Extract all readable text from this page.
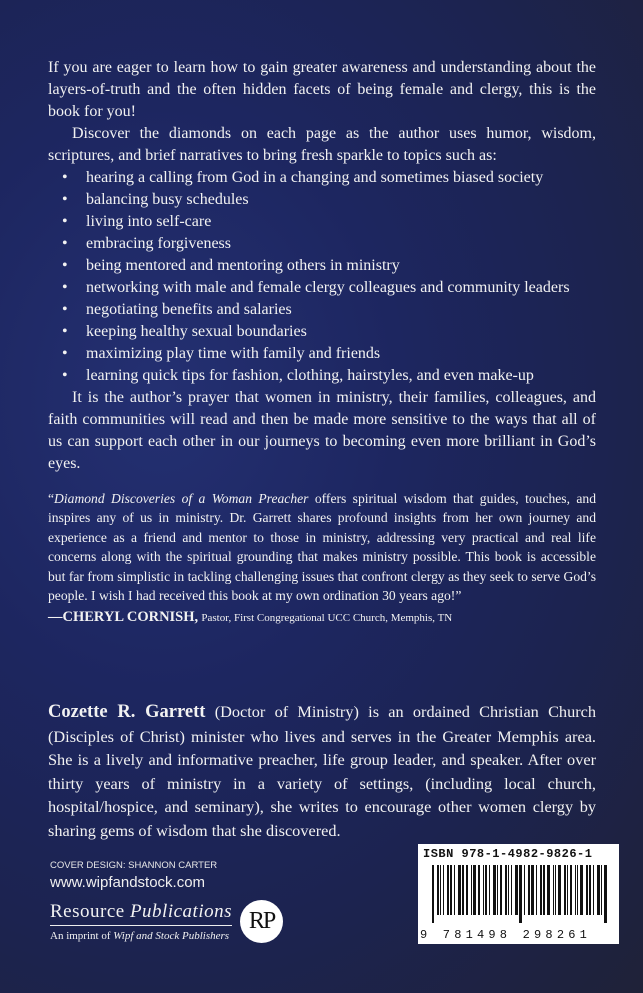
If you are eager to learn how to gain greater awareness and understanding about the layers-of-truth and the often hidden facets of being female and clergy, this is the book for you!

Discover the diamonds on each page as the author uses humor, wisdom, scriptures, and brief narratives to bring fresh sparkle to topics such as:

• hearing a calling from God in a changing and sometimes biased society
• balancing busy schedules
• living into self-care
• embracing forgiveness
• being mentored and mentoring others in ministry
• networking with male and female clergy colleagues and community leaders
• negotiating benefits and salaries
• keeping healthy sexual boundaries
• maximizing play time with family and friends
• learning quick tips for fashion, clothing, hairstyles, and even make-up

It is the author’s prayer that women in ministry, their families, colleagues, and faith communities will read and then be made more sensitive to the ways that all of us can support each other in our journeys to becoming even more brilliant in God’s eyes.

“Diamond Discoveries of a Woman Preacher offers spiritual wisdom that guides, touches, and inspires any of us in ministry. Dr. Garrett shares profound insights from her own journey and experience as a friend and mentor to those in ministry, addressing very practical and real life concerns along with the spiritual grounding that makes ministry possible. This book is accessible but far from simplistic in tackling challenging issues that confront clergy as they seek to serve God’s people. I wish I had received this book at my own ordination 30 years ago!”

—CHERYL CORNISH, Pastor, First Congregational UCC Church, Memphis, TN
Cozette R. Garrett (Doctor of Ministry) is an ordained Christian Church (Disciples of Christ) minister who lives and serves in the Greater Memphis area. She is a lively and informative preacher, life group leader, and speaker. After over thirty years of ministry in a variety of settings, (including local church, hospital/hospice, and seminary), she writes to encourage other women clergy by sharing gems of wisdom that she discovered.
COVER DESIGN: SHANNON CARTER
www.wipfandstock.com
Resource Publications
An imprint of Wipf and Stock Publishers
RP
ISBN 978-1-4982-9826-1
9 781498 298261
